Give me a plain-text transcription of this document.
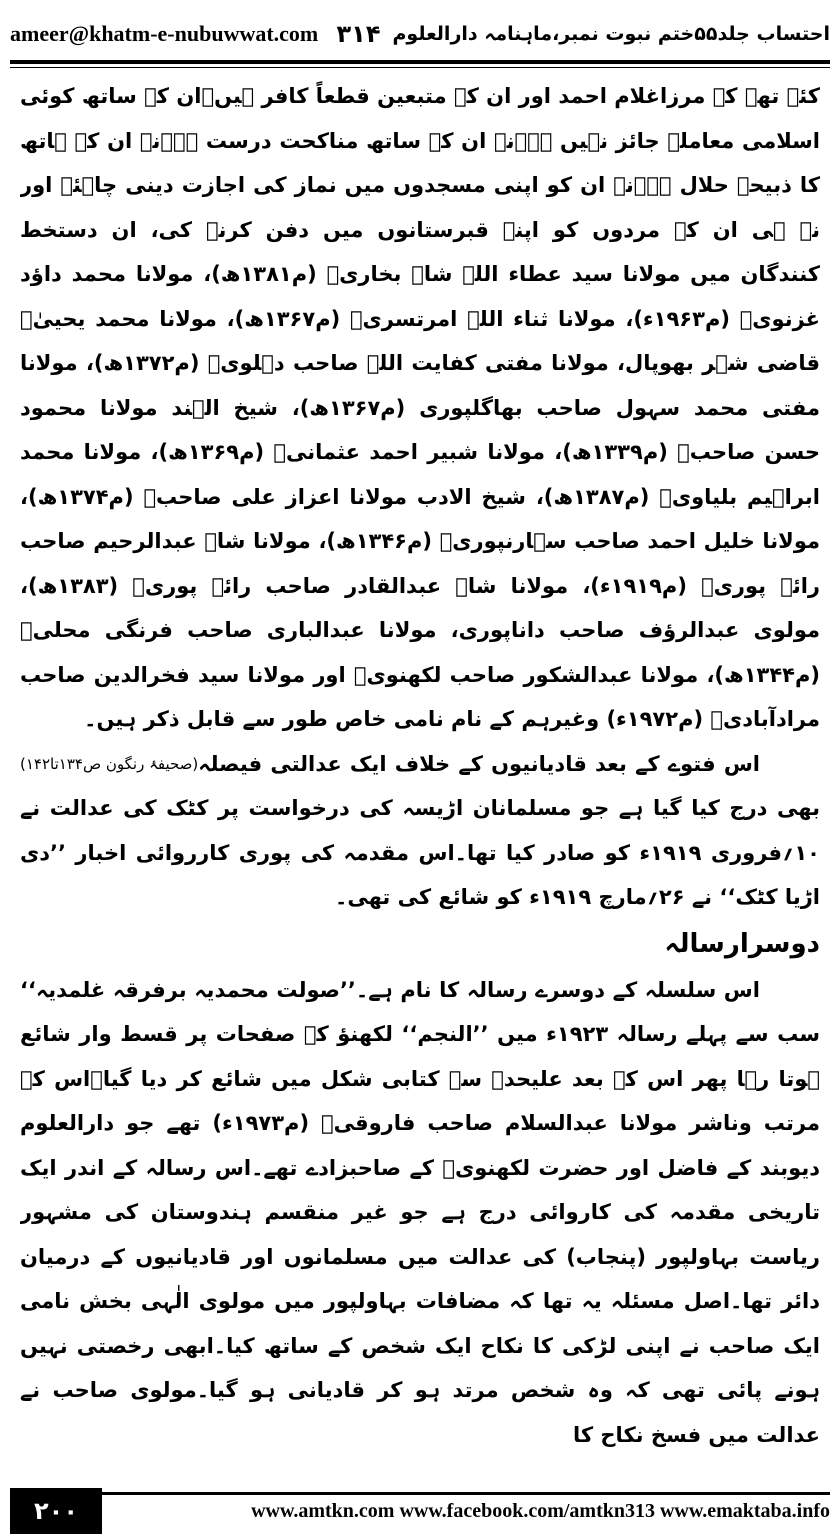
ameer@khatm-e-nubuwwat.com	احتساب جلد۵۵ختم نبوت نمبر،ماہنامہ دارالعلوم
۳۱۴

کئے تھے کہ مرزاغلام احمد اور ان کے متبعین قطعاً کافر ہیں۔ان کے ساتھ کوئی اسلامی معاملہ جائز نہیں ہے۔نہ ان کے ساتھ مناکحت درست ہے۔نہ ان کے ہاتھ کا ذبیحہ حلال ہے۔نہ ان کو اپنی مسجدوں میں نماز کی اجازت دینی چاہئے اور نہ ہی ان کے مردوں کو اپنے قبرستانوں میں دفن کرنے کی، ان دستخط کنندگان میں مولانا سید عطاء اللہ شاہ بخاریؒ (م۱۳۸۱ھ)، مولانا محمد داؤد غزنویؒ (م۱۹۶۳ء)، مولانا ثناء اللہ امرتسریؒ (م۱۳۶۷ھ)، مولانا محمد یحییٰؒ قاضی شہر بھوپال، مولانا مفتی کفایت اللہ صاحب دہلویؒ (م۱۳۷۲ھ)، مولانا مفتی محمد سہول صاحب بھاگلپوری (م۱۳۶۷ھ)، شیخ الہند مولانا محمود حسن صاحبؒ (م۱۳۳۹ھ)، مولانا شبیر احمد عثمانیؒ (م۱۳۶۹ھ)، مولانا محمد ابراہیم بلیاویؒ (م۱۳۸۷ھ)، شیخ الادب مولانا اعزاز علی صاحبؒ (م۱۳۷۴ھ)، مولانا خلیل احمد صاحب سہارنپوریؒ (م۱۳۴۶ھ)، مولانا شاہ عبدالرحیم صاحب رائے پوریؒ (م۱۹۱۹ء)، مولانا شاہ عبدالقادر صاحب رائے پوریؒ (۱۳۸۳ھ)، مولوی عبدالرؤف صاحب داناپوری، مولانا عبدالباری صاحب فرنگی محلیؒ (م۱۳۴۴ھ)، مولانا عبدالشکور صاحب لکھنویؒ اور مولانا سید فخرالدین صاحب مرادآبادیؒ (م۱۹۷۲ء) وغیرہم کے نام نامی خاص طور سے قابل ذکر ہیں۔
(صحیفۂ رنگون ص۱۳۴تا۱۴۲) اس فتوے کے بعد قادیانیوں کے خلاف ایک عدالتی فیصلہ بھی درج کیا گیا ہے جو مسلمانان اڑیسہ کی درخواست پر کٹک کی عدالت نے ۱۰؍فروری ۱۹۱۹ء کو صادر کیا تھا۔اس مقدمہ کی پوری کارروائی اخبار ’’دی اڑیا کٹک‘‘ نے ۲۶؍مارچ ۱۹۱۹ء کو شائع کی تھی۔

دوسرارسالہ

اس سلسلہ کے دوسرے رسالہ کا نام ہے۔’’صولت محمدیہ برفرقہ غلمدیہ‘‘ سب سے پہلے رسالہ ۱۹۲۳ء میں ’’النجم‘‘ لکھنؤ کے صفحات پر قسط وار شائع ہوتا رہا پھر اس کے بعد علیحدہ سے کتابی شکل میں شائع کر دیا گیا۔اس کے مرتب وناشر مولانا عبدالسلام صاحب فاروقیؒ (م۱۹۷۳ء) تھے جو دارالعلوم دیوبند کے فاضل اور حضرت لکھنویؒ کے صاحبزادے تھے۔اس رسالہ کے اندر ایک تاریخی مقدمہ کی کاروائی درج ہے جو غیر منقسم ہندوستان کی مشہور ریاست بہاولپور (پنجاب) کی عدالت میں مسلمانوں اور قادیانیوں کے درمیان دائر تھا۔اصل مسئلہ یہ تھا کہ مضافات بہاولپور میں مولوی الٰہی بخش نامی ایک صاحب نے اپنی لڑکی کا نکاح ایک شخص کے ساتھ کیا۔ابھی رخصتی نہیں ہونے پائی تھی کہ وہ شخص مرتد ہو کر قادیانی ہو گیا۔مولوی صاحب نے عدالت میں فسخ نکاح کا

۲۰۰	www.amtkn.com www.facebook.com/amtkn313 www.emaktaba.info
